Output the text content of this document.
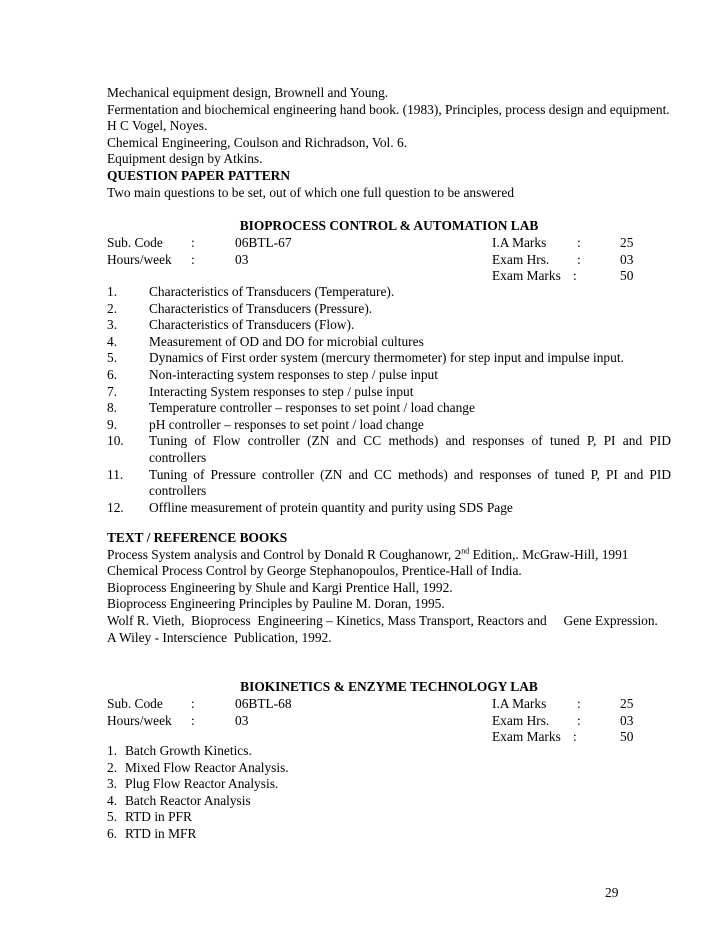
Mechanical equipment design, Brownell and Young.
Fermentation and biochemical engineering hand book. (1983), Principles, process design and equipment. H C Vogel, Noyes.
Chemical Engineering, Coulson and Richradson, Vol. 6.
Equipment design by Atkins.
QUESTION PAPER PATTERN
Two main questions to be set, out of which one full question to be answered
BIOPROCESS CONTROL & AUTOMATION LAB
Sub. Code :	06BTL-67	I.A Marks :	25
Hours/week :	03	Exam Hrs. :	03
Exam Marks :	50
1.	Characteristics of Transducers (Temperature).
2.	Characteristics of Transducers (Pressure).
3.	Characteristics of Transducers (Flow).
4.	Measurement of OD and DO for microbial cultures
5.	Dynamics of First order system (mercury thermometer) for step input and impulse input.
6.	Non-interacting system responses to step / pulse input
7.	Interacting System responses to step / pulse input
8.	Temperature controller – responses to set point / load change
9.	pH controller – responses to set point / load change
10.	Tuning of Flow controller (ZN and CC methods) and responses of tuned P, PI and PID controllers
11.	Tuning of Pressure controller (ZN and CC methods) and responses of tuned P, PI and PID controllers
12.	Offline measurement of protein quantity and purity using SDS Page
TEXT / REFERENCE BOOKS
Process System analysis and Control by Donald R Coughanowr, 2nd Edition,. McGraw-Hill, 1991
Chemical Process Control by George Stephanopoulos, Prentice-Hall of India.
Bioprocess Engineering by Shule and Kargi Prentice Hall, 1992.
Bioprocess Engineering Principles by Pauline M. Doran, 1995.
Wolf R. Vieth,  Bioprocess  Engineering – Kinetics, Mass Transport, Reactors and     Gene Expression.  A Wiley - Interscience  Publication, 1992.
BIOKINETICS & ENZYME TECHNOLOGY LAB
Sub. Code :	06BTL-68	I.A Marks :	25
Hours/week :	03	Exam Hrs. :	03
Exam Marks :	50
1. Batch Growth Kinetics.
2. Mixed Flow Reactor Analysis.
3. Plug Flow Reactor Analysis.
4. Batch Reactor Analysis
5. RTD in PFR
6. RTD in MFR
29
